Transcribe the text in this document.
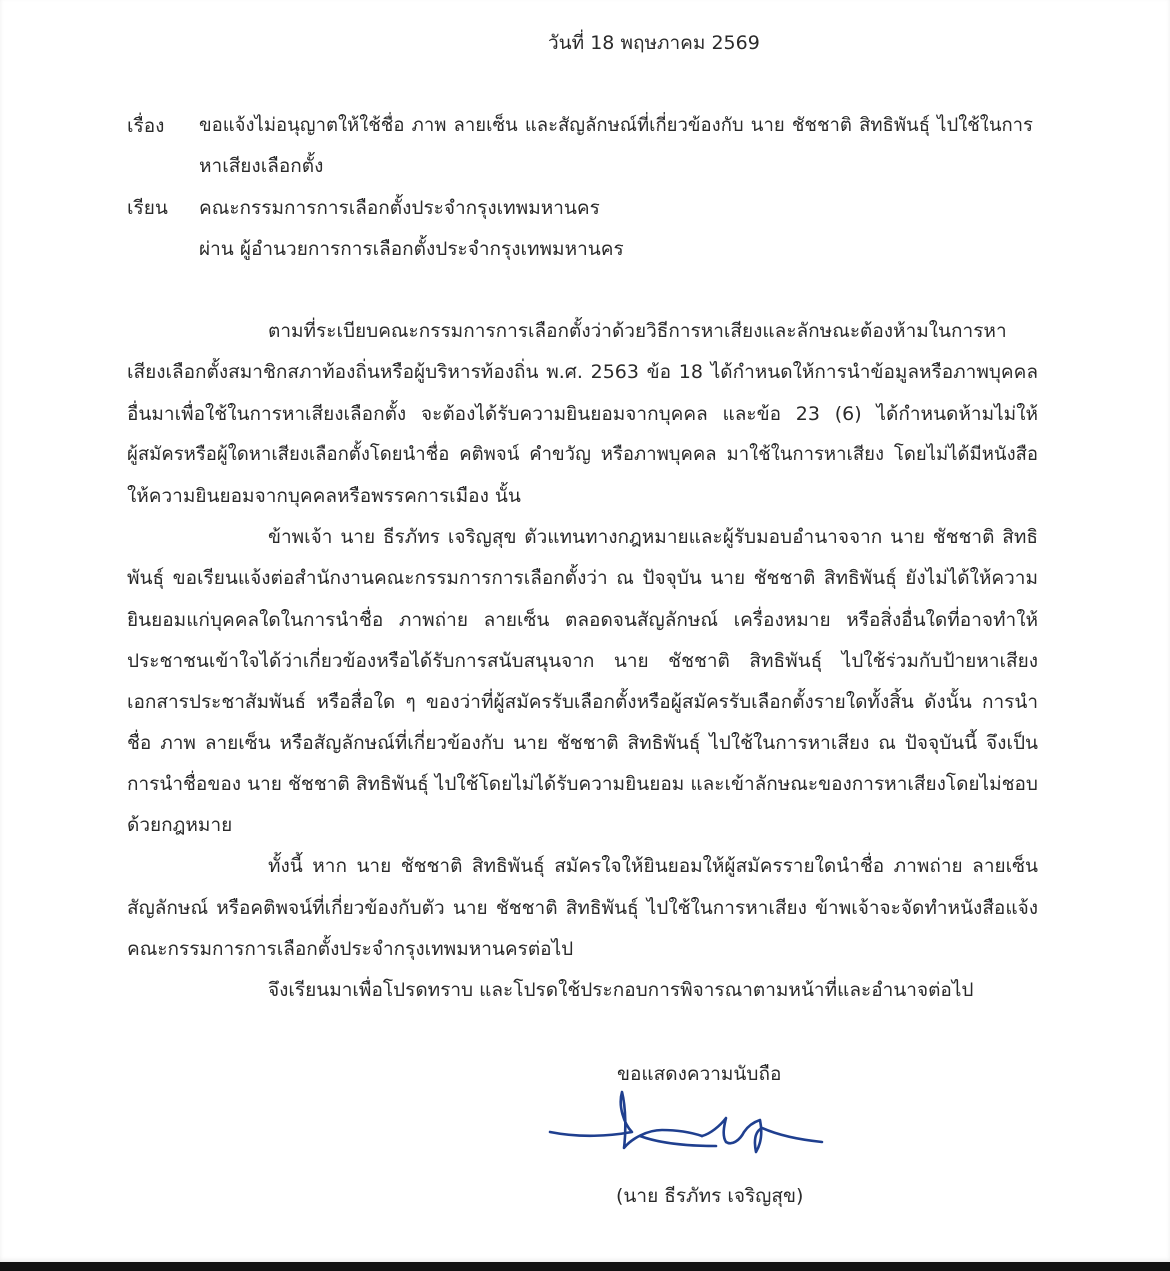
วันที่ 18 พฤษภาคม 2569
เรื่อง ขอแจ้งไม่อนุญาตให้ใช้ชื่อ ภาพ ลายเซ็น และสัญลักษณ์ที่เกี่ยวข้องกับ นาย ชัชชาติ สิทธิพันธุ์ ไปใช้ในการ
หาเสียงเลือกตั้ง
เรียน คณะกรรมการการเลือกตั้งประจำกรุงเทพมหานคร
ผ่าน ผู้อำนวยการการเลือกตั้งประจำกรุงเทพมหานคร
ตามที่ระเบียบคณะกรรมการการเลือกตั้งว่าด้วยวิธีการหาเสียงและลักษณะต้องห้ามในการหา
เสียงเลือกตั้งสมาชิกสภาท้องถิ่นหรือผู้บริหารท้องถิ่น พ.ศ. 2563 ข้อ 18 ได้กำหนดให้การนำข้อมูลหรือภาพบุคคล
อื่นมาเพื่อใช้ในการหาเสียงเลือกตั้ง จะต้องได้รับความยินยอมจากบุคคล และข้อ 23 (6) ได้กำหนดห้ามไม่ให้
ผู้สมัครหรือผู้ใดหาเสียงเลือกตั้งโดยนำชื่อ คติพจน์ คำขวัญ หรือภาพบุคคล มาใช้ในการหาเสียง โดยไม่ได้มีหนังสือ
ให้ความยินยอมจากบุคคลหรือพรรคการเมือง นั้น
ข้าพเจ้า นาย ธีรภัทร เจริญสุข ตัวแทนทางกฎหมายและผู้รับมอบอำนาจจาก นาย ชัชชาติ สิทธิ
พันธุ์ ขอเรียนแจ้งต่อสำนักงานคณะกรรมการการเลือกตั้งว่า ณ ปัจจุบัน นาย ชัชชาติ สิทธิพันธุ์ ยังไม่ได้ให้ความ
ยินยอมแก่บุคคลใดในการนำชื่อ ภาพถ่าย ลายเซ็น ตลอดจนสัญลักษณ์ เครื่องหมาย หรือสิ่งอื่นใดที่อาจทำให้
ประชาชนเข้าใจได้ว่าเกี่ยวข้องหรือได้รับการสนับสนุนจาก นาย ชัชชาติ สิทธิพันธุ์ ไปใช้ร่วมกับป้ายหาเสียง
เอกสารประชาสัมพันธ์ หรือสื่อใด ๆ ของว่าที่ผู้สมัครรับเลือกตั้งหรือผู้สมัครรับเลือกตั้งรายใดทั้งสิ้น ดังนั้น การนำ
ชื่อ ภาพ ลายเซ็น หรือสัญลักษณ์ที่เกี่ยวข้องกับ นาย ชัชชาติ สิทธิพันธุ์ ไปใช้ในการหาเสียง ณ ปัจจุบันนี้ จึงเป็น
การนำชื่อของ นาย ชัชชาติ สิทธิพันธุ์ ไปใช้โดยไม่ได้รับความยินยอม และเข้าลักษณะของการหาเสียงโดยไม่ชอบ
ด้วยกฎหมาย
ทั้งนี้ หาก นาย ชัชชาติ สิทธิพันธุ์ สมัครใจให้ยินยอมให้ผู้สมัครรายใดนำชื่อ ภาพถ่าย ลายเซ็น
สัญลักษณ์ หรือคติพจน์ที่เกี่ยวข้องกับตัว นาย ชัชชาติ สิทธิพันธุ์ ไปใช้ในการหาเสียง ข้าพเจ้าจะจัดทำหนังสือแจ้ง
คณะกรรมการการเลือกตั้งประจำกรุงเทพมหานครต่อไป
จึงเรียนมาเพื่อโปรดทราบ และโปรดใช้ประกอบการพิจารณาตามหน้าที่และอำนาจต่อไป
ขอแสดงความนับถือ
(นาย ธีรภัทร เจริญสุข)
